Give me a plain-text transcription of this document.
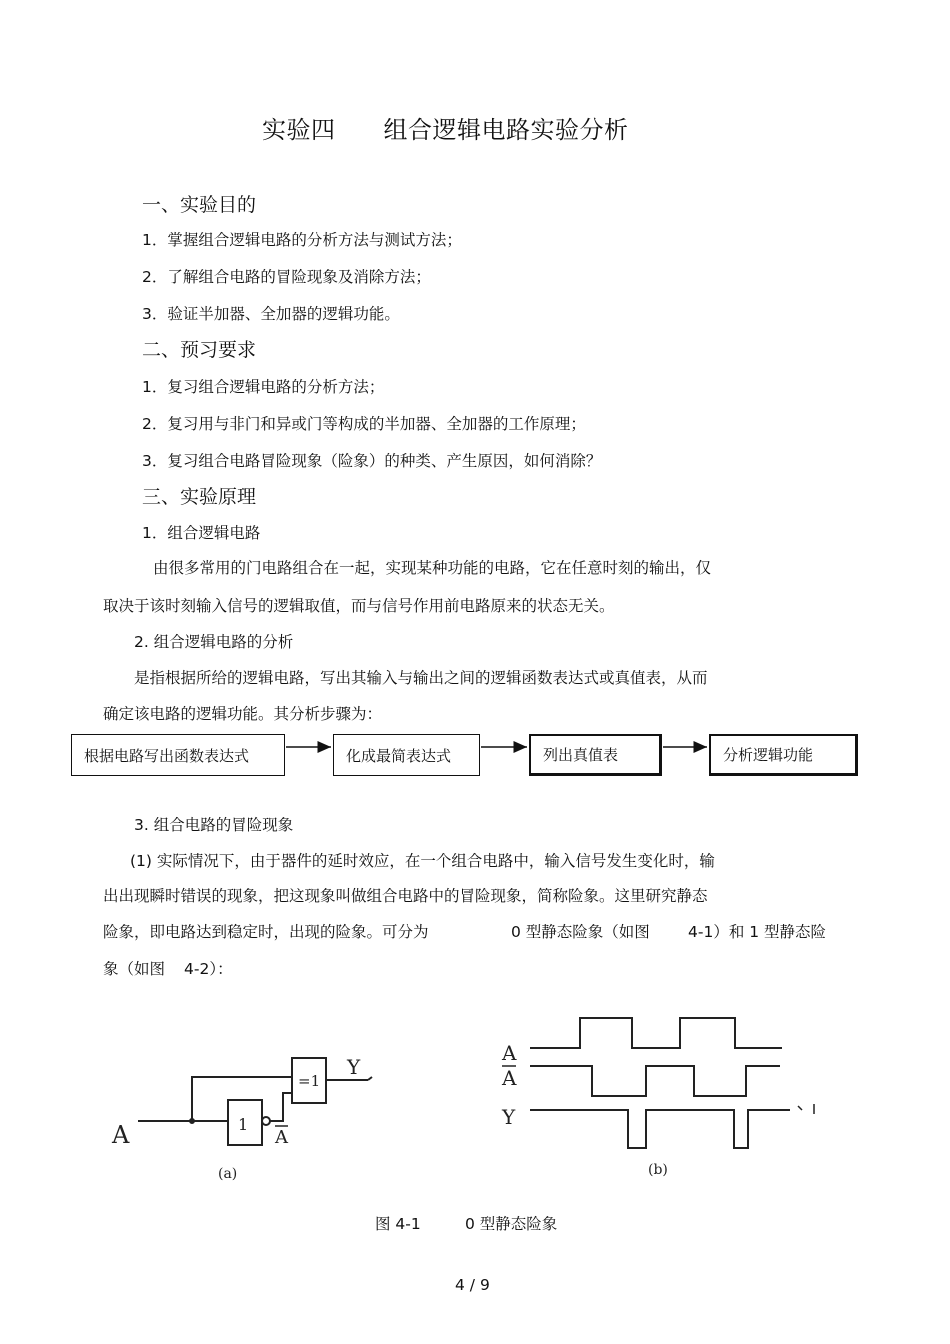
实验四 组合逻辑电路实验分析
一、实验目的
1．掌握组合逻辑电路的分析方法与测试方法；
2．了解组合电路的冒险现象及消除方法；
3．验证半加器、全加器的逻辑功能。
二、预习要求
1．复习组合逻辑电路的分析方法；
2．复习用与非门和异或门等构成的半加器、全加器的工作原理；
3．复习组合电路冒险现象（险象）的种类、产生原因，如何消除？
三、实验原理
1．组合逻辑电路
由很多常用的门电路组合在一起，实现某种功能的电路，它在任意时刻的输出，仅
取决于该时刻输入信号的逻辑取值，而与信号作用前电路原来的状态无关。
2. 组合逻辑电路的分析
是指根据所给的逻辑电路，写出其输入与输出之间的逻辑函数表达式或真值表，从而
确定该电路的逻辑功能。其分析步骤为：
根据电路写出函数表达式	化成最简表达式	列出真值表	分析逻辑功能
3. 组合电路的冒险现象
(1) 实际情况下，由于器件的延时效应，在一个组合电路中，输入信号发生变化时，输
出出现瞬时错误的现象，把这现象叫做组合电路中的冒险现象，简称险象。这里研究静态
险象，即电路达到稳定时，出现的险象。可分为	0 型静态险象（如图 4-1）和 1 型静态险
象（如图 4-2）：
A	1
A
=1
Y
(a)
A
A
Y
(b)
图 4-1	0 型静态险象
4 / 9
